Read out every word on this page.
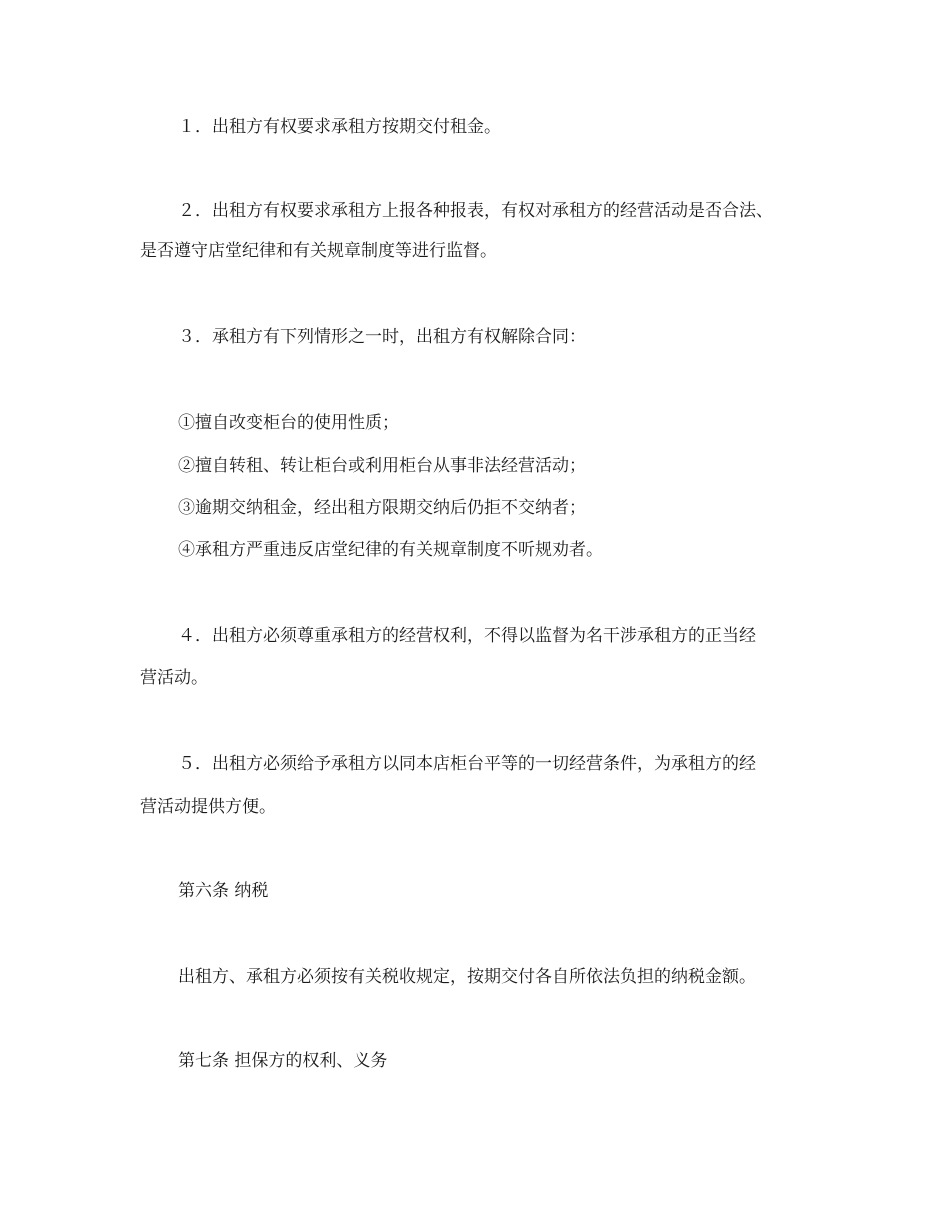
１．出租方有权要求承租方按期交付租金。
２．出租方有权要求承租方上报各种报表，有权对承租方的经营活动是否合法、
是否遵守店堂纪律和有关规章制度等进行监督。
３．承租方有下列情形之一时，出租方有权解除合同：
①擅自改变柜台的使用性质；
②擅自转租、转让柜台或利用柜台从事非法经营活动；
③逾期交纳租金，经出租方限期交纳后仍拒不交纳者；
④承租方严重违反店堂纪律的有关规章制度不听规劝者。
４．出租方必须尊重承租方的经营权利，不得以监督为名干涉承租方的正当经
营活动。
５．出租方必须给予承租方以同本店柜台平等的一切经营条件，为承租方的经
营活动提供方便。
第六条 纳税
出租方、承租方必须按有关税收规定，按期交付各自所依法负担的纳税金额。
第七条 担保方的权利、义务
